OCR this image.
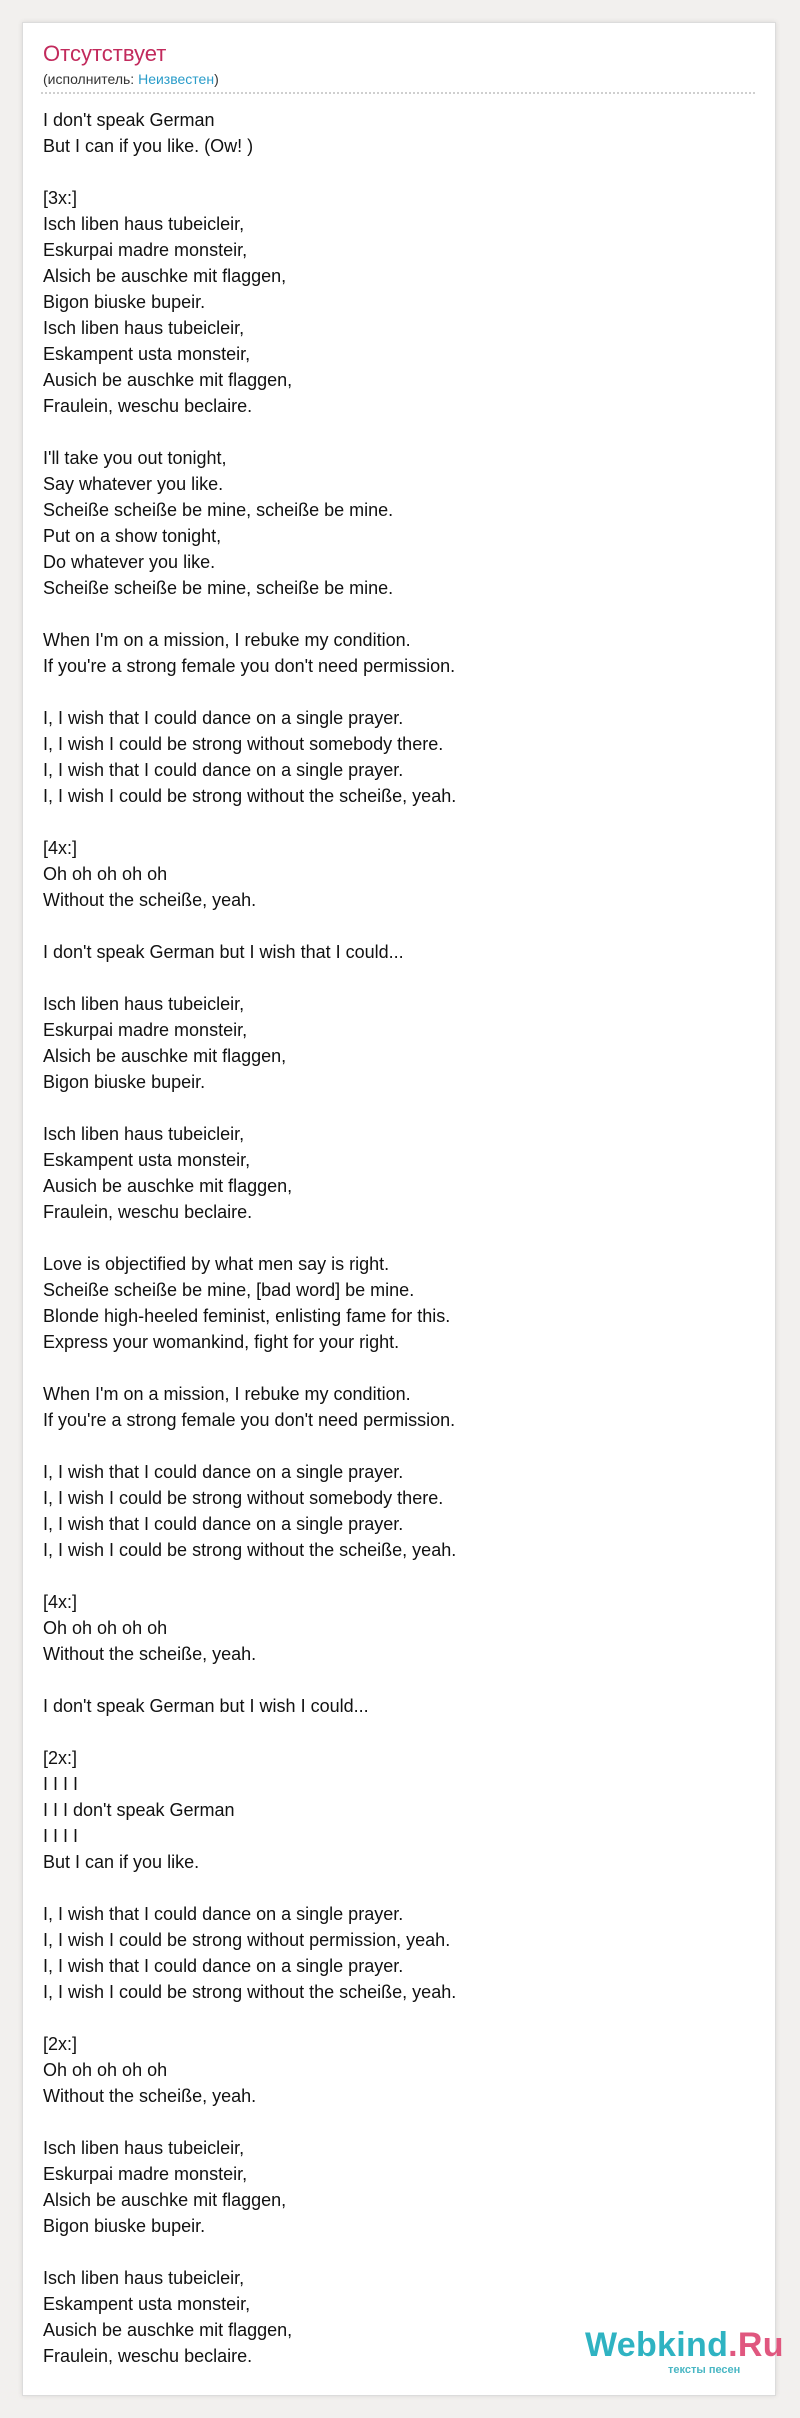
Отсутствует
(исполнитель: Неизвестен)
I don't speak German
But I can if you like. (Ow! )

[3x:]
Isch liben haus tubeicleir,
Eskurpai madre monsteir,
Alsich be auschke mit flaggen,
Bigon biuske bupeir.
Isch liben haus tubeicleir,
Eskampent usta monsteir,
Ausich be auschke mit flaggen,
Fraulein, weschu beclaire.

I'll take you out tonight,
Say whatever you like.
Scheiße scheiße be mine, scheiße be mine.
Put on a show tonight,
Do whatever you like.
Scheiße scheiße be mine, scheiße be mine.

When I'm on a mission, I rebuke my condition.
If you're a strong female you don't need permission.

I, I wish that I could dance on a single prayer.
I, I wish I could be strong without somebody there.
I, I wish that I could dance on a single prayer.
I, I wish I could be strong without the scheiße, yeah.

[4x:]
Oh oh oh oh oh
Without the scheiße, yeah.

I don't speak German but I wish that I could...

Isch liben haus tubeicleir,
Eskurpai madre monsteir,
Alsich be auschke mit flaggen,
Bigon biuske bupeir.

Isch liben haus tubeicleir,
Eskampent usta monsteir,
Ausich be auschke mit flaggen,
Fraulein, weschu beclaire.

Love is objectified by what men say is right.
Scheiße scheiße be mine, [bad word] be mine.
Blonde high-heeled feminist, enlisting fame for this.
Express your womankind, fight for your right.

When I'm on a mission, I rebuke my condition.
If you're a strong female you don't need permission.

I, I wish that I could dance on a single prayer.
I, I wish I could be strong without somebody there.
I, I wish that I could dance on a single prayer.
I, I wish I could be strong without the scheiße, yeah.

[4x:]
Oh oh oh oh oh
Without the scheiße, yeah.

I don't speak German but I wish I could...

[2x:]
I I I I
I I I don't speak German
I I I I
But I can if you like.

I, I wish that I could dance on a single prayer.
I, I wish I could be strong without permission, yeah.
I, I wish that I could dance on a single prayer.
I, I wish I could be strong without the scheiße, yeah.

[2x:]
Oh oh oh oh oh
Without the scheiße, yeah.

Isch liben haus tubeicleir,
Eskurpai madre monsteir,
Alsich be auschke mit flaggen,
Bigon biuske bupeir.

Isch liben haus tubeicleir,
Eskampent usta monsteir,
Ausich be auschke mit flaggen,
Fraulein, weschu beclaire.	Webkind.Ru
тексты песен
